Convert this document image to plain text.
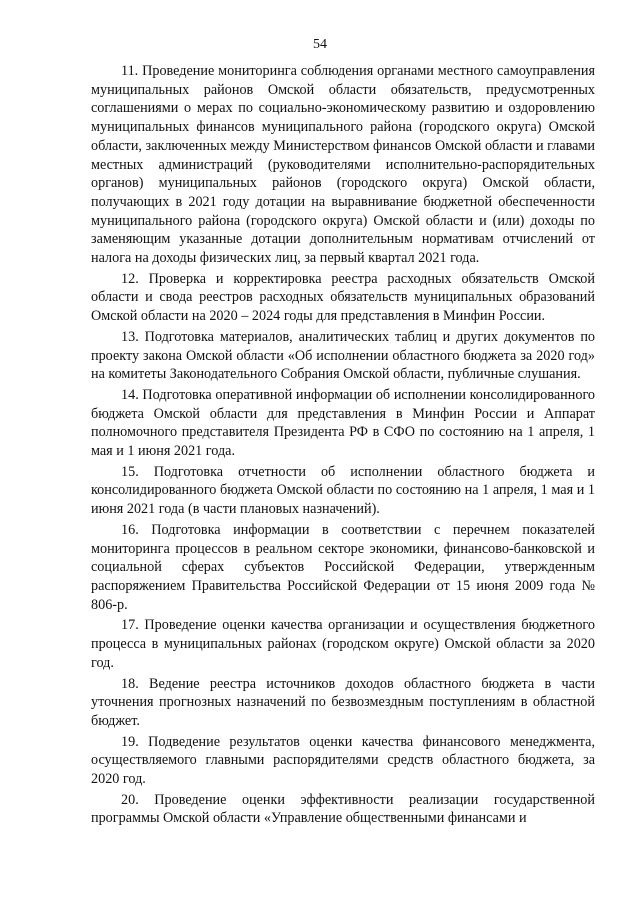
54

11. Проведение мониторинга соблюдения органами местного самоуправления муниципальных районов Омской области обязательств, предусмотренных соглашениями о мерах по социально-экономическому развитию и оздоровлению муниципальных финансов муниципального района (городского округа) Омской области, заключенных между Министерством финансов Омской области и главами местных администраций (руководителями исполнительно-распорядительных органов) муниципальных районов (городского округа) Омской области, получающих в 2021 году дотации на выравнивание бюджетной обеспеченности муниципального района (городского округа) Омской области и (или) доходы по заменяющим указанные дотации дополнительным нормативам отчислений от налога на доходы физических лиц, за первый квартал 2021 года.

12. Проверка и корректировка реестра расходных обязательств Омской области и свода реестров расходных обязательств муниципальных образований Омской области на 2020 – 2024 годы для представления в Минфин России.

13. Подготовка материалов, аналитических таблиц и других документов по проекту закона Омской области «Об исполнении областного бюджета за 2020 год» на комитеты Законодательного Собрания Омской области, публичные слушания.

14. Подготовка оперативной информации об исполнении консолидированного бюджета Омской области для представления в Минфин России и Аппарат полномочного представителя Президента РФ в СФО по состоянию на 1 апреля, 1 мая и 1 июня 2021 года.

15. Подготовка отчетности об исполнении областного бюджета и консолидированного бюджета Омской области по состоянию на 1 апреля, 1 мая и 1 июня 2021 года (в части плановых назначений).

16. Подготовка информации в соответствии с перечнем показателей мониторинга процессов в реальном секторе экономики, финансово-банковской и социальной сферах субъектов Российской Федерации, утвержденным распоряжением Правительства Российской Федерации от 15 июня 2009 года № 806-р.

17. Проведение оценки качества организации и осуществления бюджетного процесса в муниципальных районах (городском округе) Омской области за 2020 год.

18. Ведение реестра источников доходов областного бюджета в части уточнения прогнозных назначений по безвозмездным поступлениям в областной бюджет.

19. Подведение результатов оценки качества финансового менеджмента, осуществляемого главными распорядителями средств областного бюджета, за 2020 год.

20. Проведение оценки эффективности реализации государственной программы Омской области «Управление общественными финансами и
